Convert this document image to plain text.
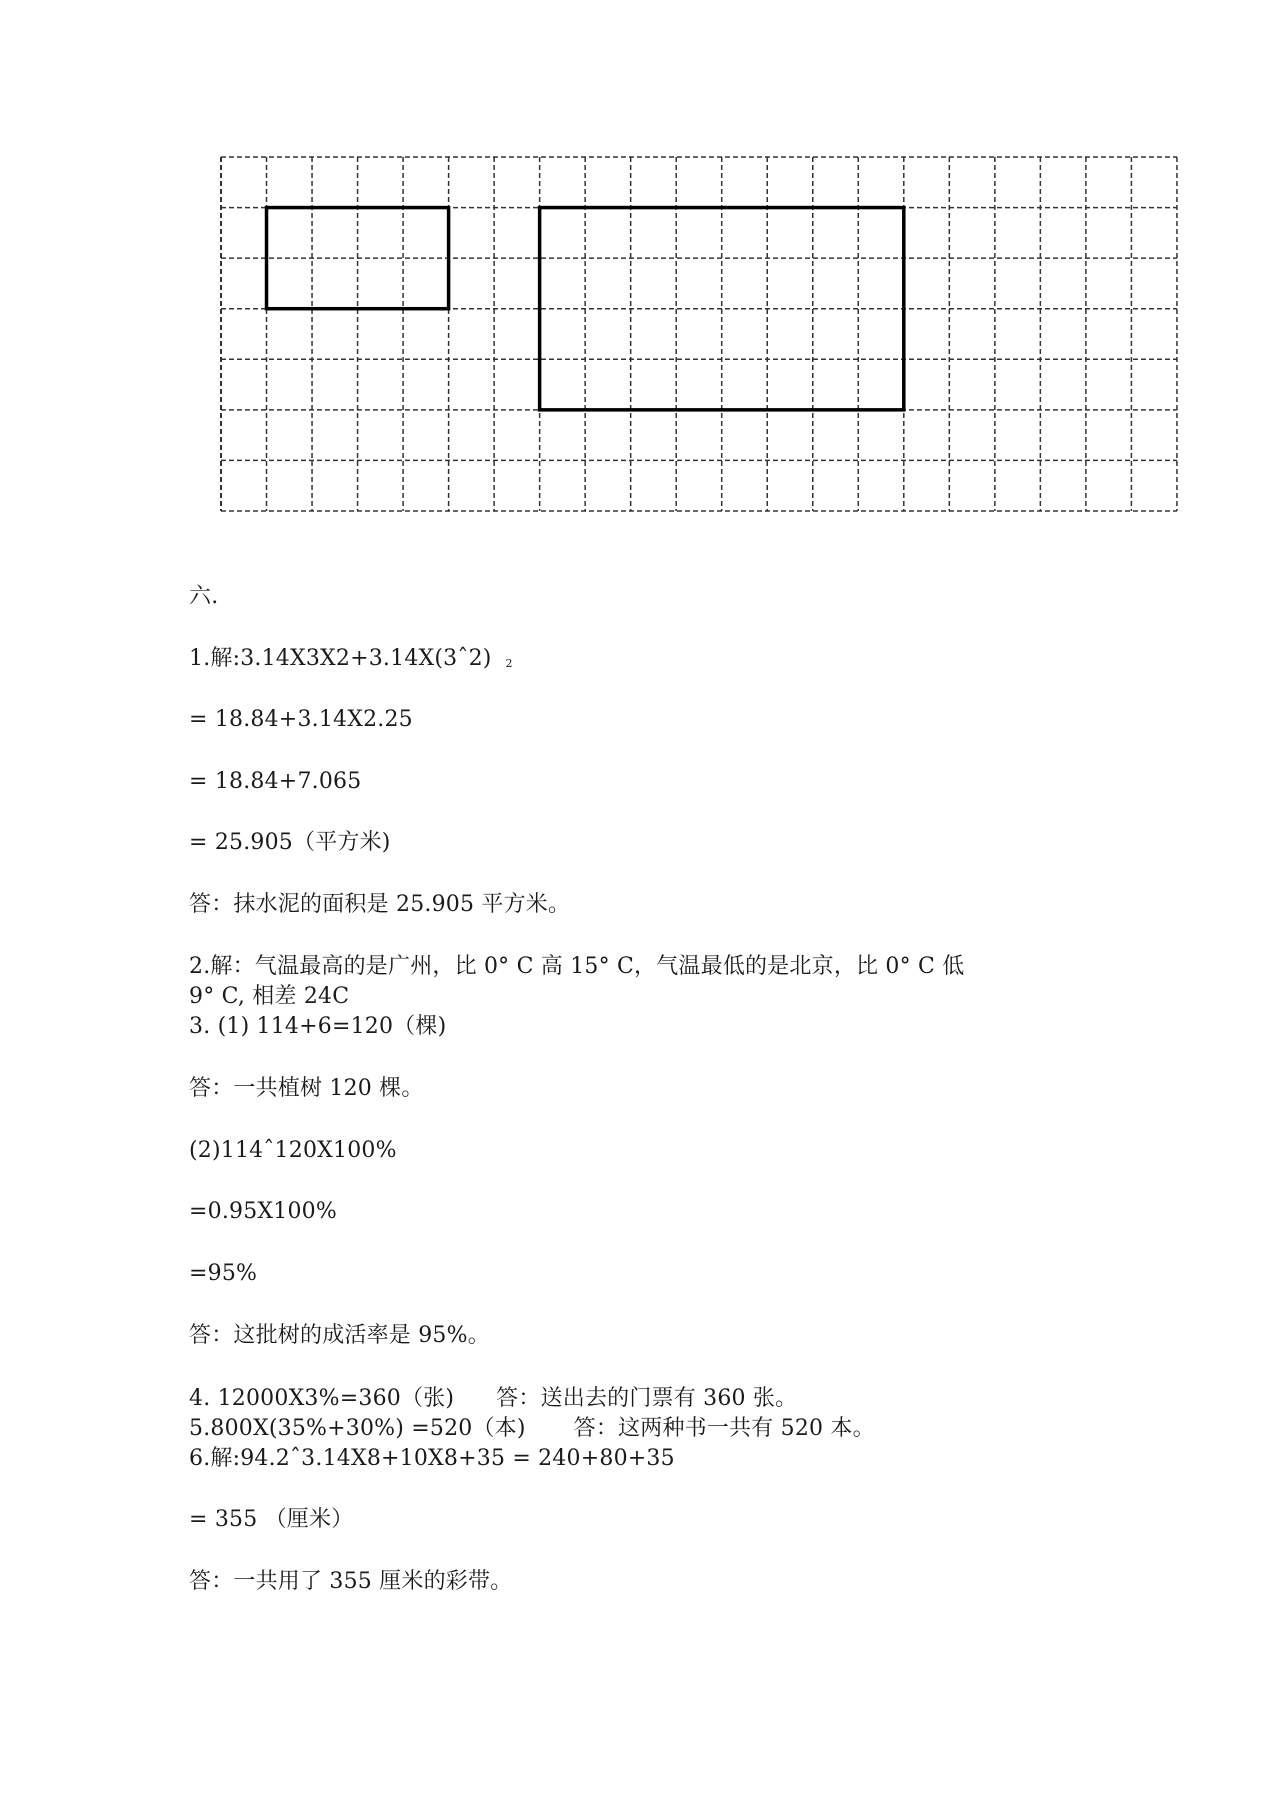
六.
1.解:3.14X3X2+3.14X(3ˆ2) 2
= 18.84+3.14X2.25
= 18.84+7.065
= 25.905（平方米)
答：抹水泥的面积是 25.905 平方米。
2.解：气温最高的是广州，比 0° C 高 15° C，气温最低的是北京，比 0° C 低
9° C, 相差 24C
3. (1) 114+6=120（棵)
答：一共植树 120 棵。
(2)114ˆ120X100%
=0.95X100%
=95%
答：这批树的成活率是 95%。
4. 12000X3%=360（张) 答：送出去的门票有 360 张。
5.800X(35%+30%) =520（本) 答：这两种书一共有 520 本。
6.解:94.2ˆ3.14X8+10X8+35 = 240+80+35
= 355 （厘米）
答：一共用了 355 厘米的彩带。
